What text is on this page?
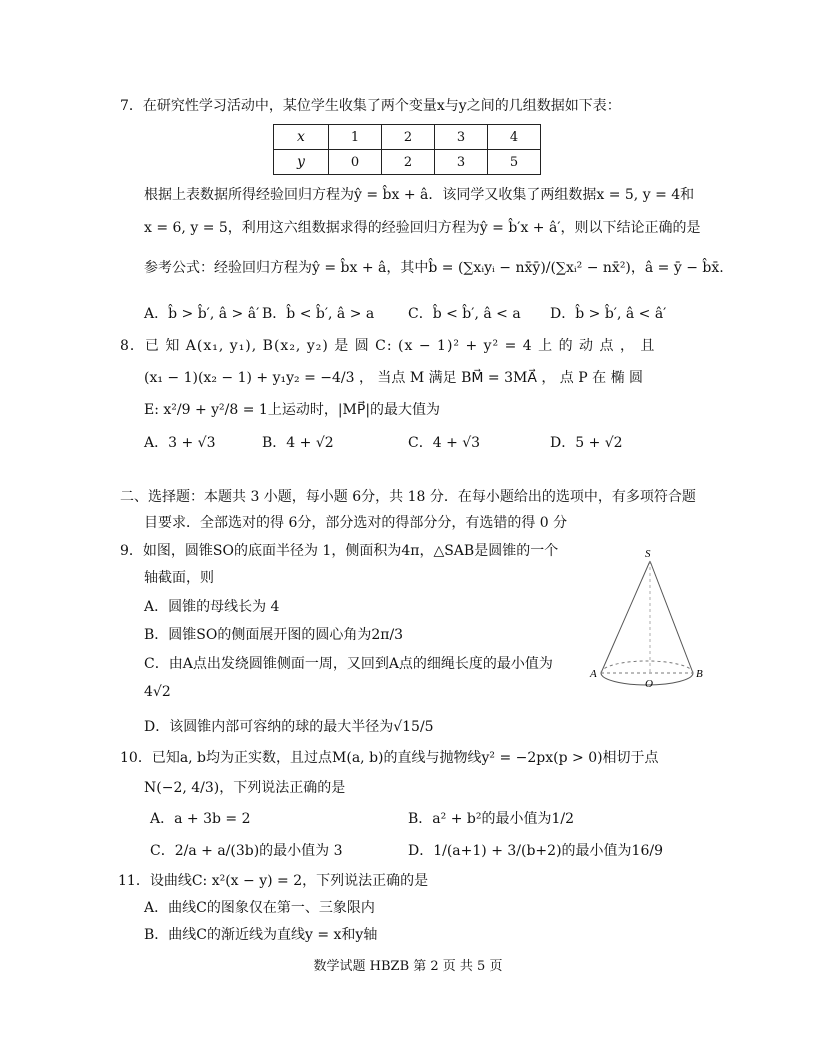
7．在研究性学习活动中，某位学生收集了两个变量x与y之间的几组数据如下表：
x	1	2	3	4
y	0	2	3	5
根据上表数据所得经验回归方程为ŷ = b̂x + â．该同学又收集了两组数据x = 5, y = 4和
x = 6, y = 5，利用这六组数据求得的经验回归方程为ŷ = b̂′x + â′，则以下结论正确的是
参考公式：经验回归方程为ŷ = b̂x + â，其中b̂ = (∑xᵢyᵢ − nx̄ȳ)/(∑xᵢ² − nx̄²)，â = ȳ − b̂x̄.
A．b̂ > b̂′, â > â′ B．b̂ < b̂′, â > a C．b̂ < b̂′, â < a D．b̂ > b̂′, â < â′
8．已 知 A(x₁, y₁), B(x₂, y₂) 是 圆 C: (x − 1)² + y² = 4 上 的 动 点 ， 且
(x₁ − 1)(x₂ − 1) + y₁y₂ = −4/3 ， 当点 M 满足 BM⃗ = 3MA⃗ ， 点 P 在 椭 圆
E: x²/9 + y²/8 = 1上运动时，|MP⃗|的最大值为
A．3 + √3	B．4 + √2	C．4 + √3	D．5 + √2
二、选择题：本题共 3 小题，每小题 6分，共 18 分．在每小题给出的选项中，有多项符合题
目要求．全部选对的得 6分，部分选对的得部分分，有选错的得 0 分
9．如图，圆锥SO的底面半径为 1，侧面积为4π，△SAB是圆锥的一个
轴截面，则
A．圆锥的母线长为 4
B．圆锥SO的侧面展开图的圆心角为2π/3
C．由A点出发绕圆锥侧面一周，又回到A点的细绳长度的最小值为
4√2
D．该圆锥内部可容纳的球的最大半径为√15/5
S
A	B
O
10．已知a, b均为正实数，且过点M(a, b)的直线与抛物线y² = −2px(p > 0)相切于点
N(−2, 4/3)，下列说法正确的是
A．a + 3b = 2	B．a² + b²的最小值为1/2
C．2/a + a/(3b)的最小值为 3	D．1/(a+1) + 3/(b+2)的最小值为16/9
11．设曲线C: x²(x − y) = 2，下列说法正确的是
A．曲线C的图象仅在第一、三象限内
B．曲线C的渐近线为直线y = x和y轴
数学试题 HBZB 第 2 页 共 5 页
